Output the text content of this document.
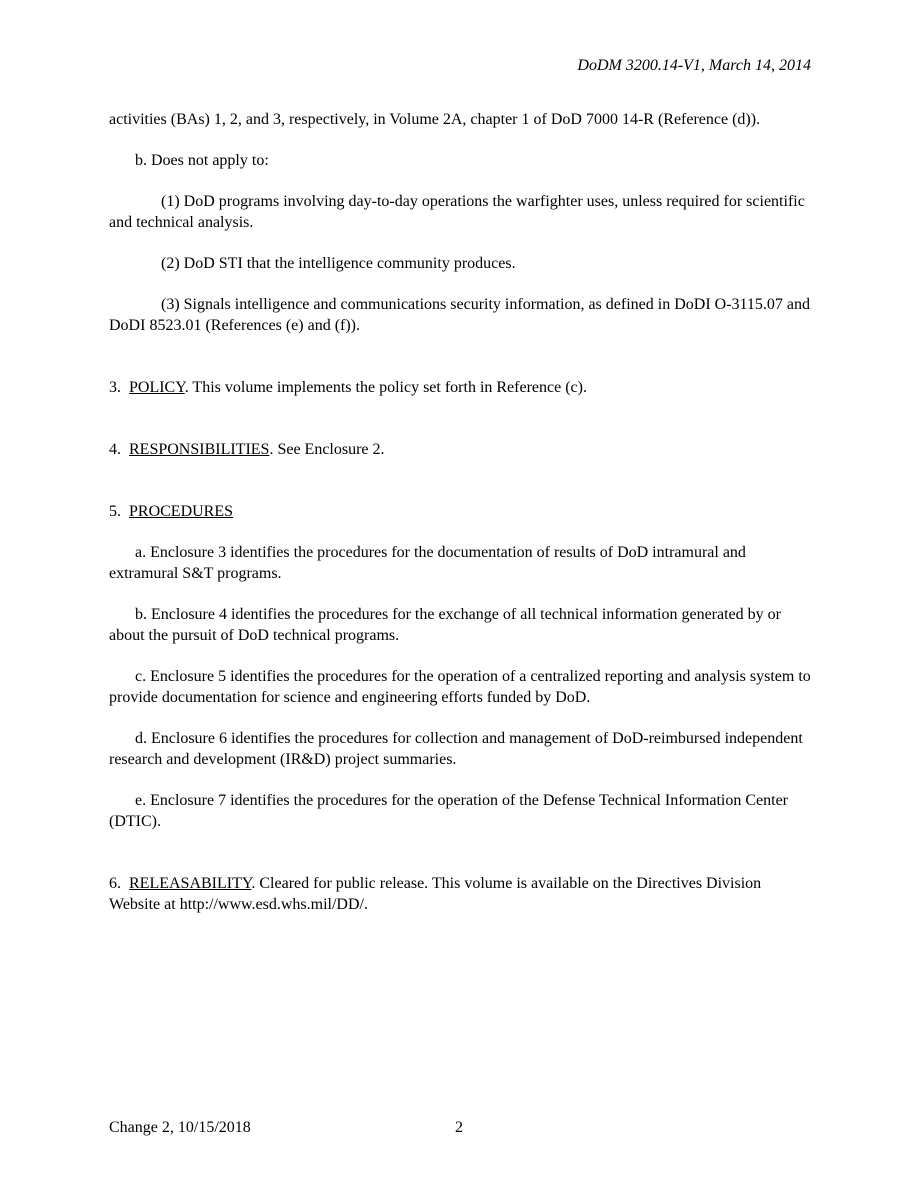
DoDM 3200.14-V1, March 14, 2014

activities (BAs) 1, 2, and 3, respectively, in Volume 2A, chapter 1 of DoD 7000 14-R (Reference (d)).

b. Does not apply to:

(1) DoD programs involving day-to-day operations the warfighter uses, unless required for scientific and technical analysis.

(2) DoD STI that the intelligence community produces.

(3) Signals intelligence and communications security information, as defined in DoDI O-3115.07 and DoDI 8523.01 (References (e) and (f)).

3. POLICY. This volume implements the policy set forth in Reference (c).

4. RESPONSIBILITIES. See Enclosure 2.

5. PROCEDURES

a. Enclosure 3 identifies the procedures for the documentation of results of DoD intramural and extramural S&T programs.

b. Enclosure 4 identifies the procedures for the exchange of all technical information generated by or about the pursuit of DoD technical programs.

c. Enclosure 5 identifies the procedures for the operation of a centralized reporting and analysis system to provide documentation for science and engineering efforts funded by DoD.

d. Enclosure 6 identifies the procedures for collection and management of DoD-reimbursed independent research and development (IR&D) project summaries.

e. Enclosure 7 identifies the procedures for the operation of the Defense Technical Information Center (DTIC).

6. RELEASABILITY. Cleared for public release. This volume is available on the Directives Division Website at http://www.esd.whs.mil/DD/.

Change 2, 10/15/2018	2
